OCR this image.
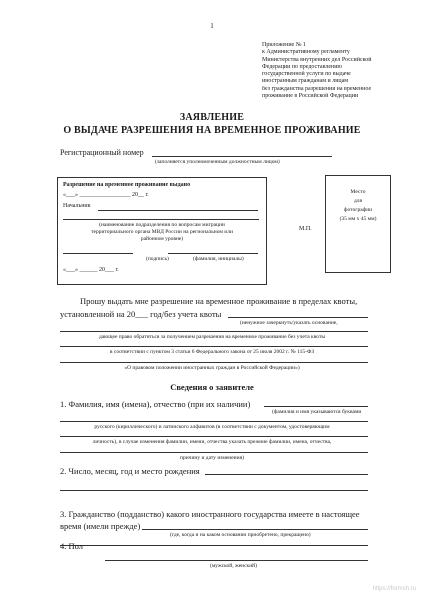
1
Приложение № 1
к Административному регламенту
Министерства внутренних дел Российской
Федерации по предоставлению
государственной услуги по выдаче
иностранным гражданам и лицам
без гражданства разрешения на временное
проживание в Российской Федерации
ЗАЯВЛЕНИЕ
О ВЫДАЧЕ РАЗРЕШЕНИЯ НА ВРЕМЕННОЕ ПРОЖИВАНИЕ
Регистрационный номер
(заполняется уполномоченным должностным лицом)
Разрешение на временное проживание выдано
«___» _________________ 20__ г.
Начальник
(наименование подразделения по вопросам миграции
территориального органа МВД России на региональном или
районном уровне)
(подпись)	(фамилия, инициалы)
«___» ______ 20___ г.
М.П.
Место
для
фотографии
(35 мм х 45 мм)
Прошу выдать мне разрешение на временное проживание в пределах квоты,
установленной на 20___ год/без учета квоты
(ненужное зачеркнуть/указать основание,
дающее право обратиться за получением разрешения на временное проживание без учета квоты
в соответствии с пунктом 3 статьи 6 Федерального закона от 25 июля 2002 г. № 115-ФЗ
«О правовом положении иностранных граждан в Российской Федерации»)
Сведения о заявителе
1. Фамилия, имя (имена), отчество (при их наличии)
(фамилия и имя указываются буквами
русского (кириллического) и латинского алфавитов (в соответствии с документом, удостоверяющим
личность), в случае изменения фамилии, имени, отчества указать прежние фамилии, имена, отчества,
причину и дату изменения)
2. Число, месяц, год и место рождения
3. Гражданство (подданство) какого иностранного государства имеете в настоящее
время (имели прежде)
(где, когда и на каком основании приобретено, прекращено)
4. Пол
(мужской, женский)
https://formsh.ru
